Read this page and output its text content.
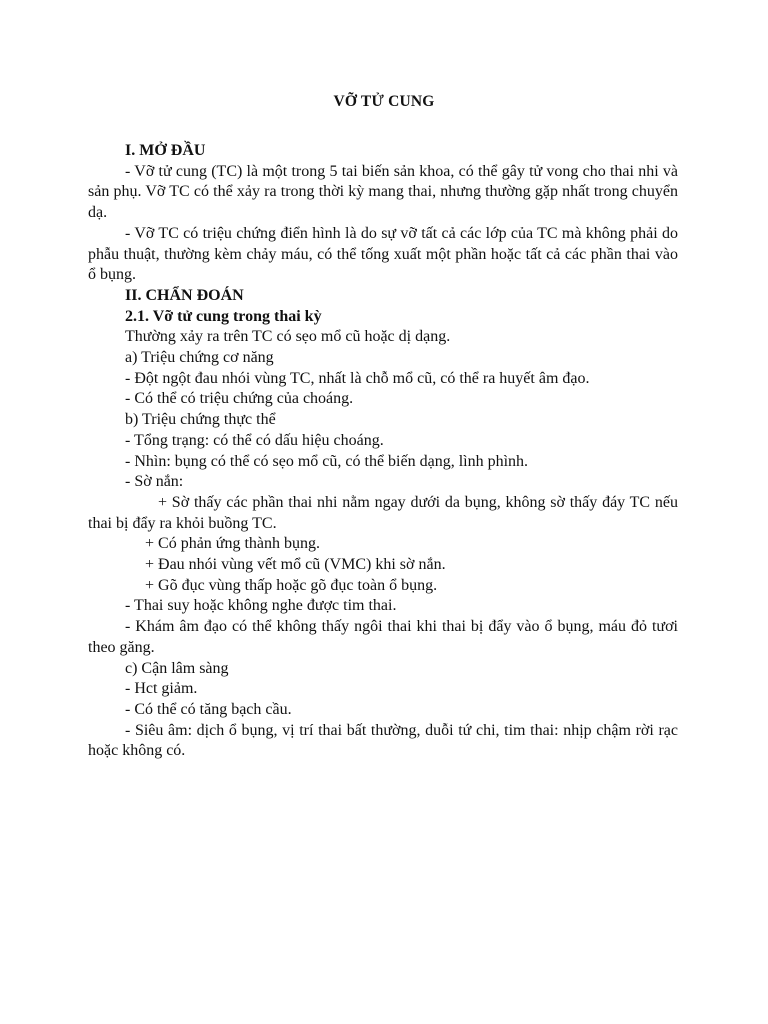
VỠ TỬ CUNG

I. MỞ ĐẦU

- Vỡ tử cung (TC) là một trong 5 tai biến sản khoa, có thể gây tử vong cho thai nhi và sản phụ. Vỡ TC có thể xảy ra trong thời kỳ mang thai, nhưng thường gặp nhất trong chuyển dạ.

- Vỡ TC có triệu chứng điển hình là do sự vỡ tất cả các lớp của TC mà không phải do phẫu thuật, thường kèm chảy máu, có thể tống xuất một phần hoặc tất cả các phần thai vào ổ bụng.

II. CHẨN ĐOÁN

2.1. Vỡ tử cung trong thai kỳ

Thường xảy ra trên TC có sẹo mổ cũ hoặc dị dạng.

a) Triệu chứng cơ năng

- Đột ngột đau nhói vùng TC, nhất là chỗ mổ cũ, có thể ra huyết âm đạo.

- Có thể có triệu chứng của choáng.

b) Triệu chứng thực thể

- Tổng trạng: có thể có dấu hiệu choáng.

- Nhìn: bụng có thể có sẹo mổ cũ, có thể biến dạng, lình phình.

- Sờ nắn:

+ Sờ thấy các phần thai nhi nằm ngay dưới da bụng, không sờ thấy đáy TC nếu thai bị đẩy ra khỏi buồng TC.

+ Có phản ứng thành bụng.

+ Đau nhói vùng vết mổ cũ (VMC) khi sờ nắn.

+ Gõ đục vùng thấp hoặc gõ đục toàn ổ bụng.

- Thai suy hoặc không nghe được tim thai.

- Khám âm đạo có thể không thấy ngôi thai khi thai bị đẩy vào ổ bụng, máu đỏ tươi theo găng.

c) Cận lâm sàng

- Hct giảm.

- Có thể có tăng bạch cầu.

- Siêu âm: dịch ổ bụng, vị trí thai bất thường, duỗi tứ chi, tim thai: nhịp chậm rời rạc hoặc không có.
